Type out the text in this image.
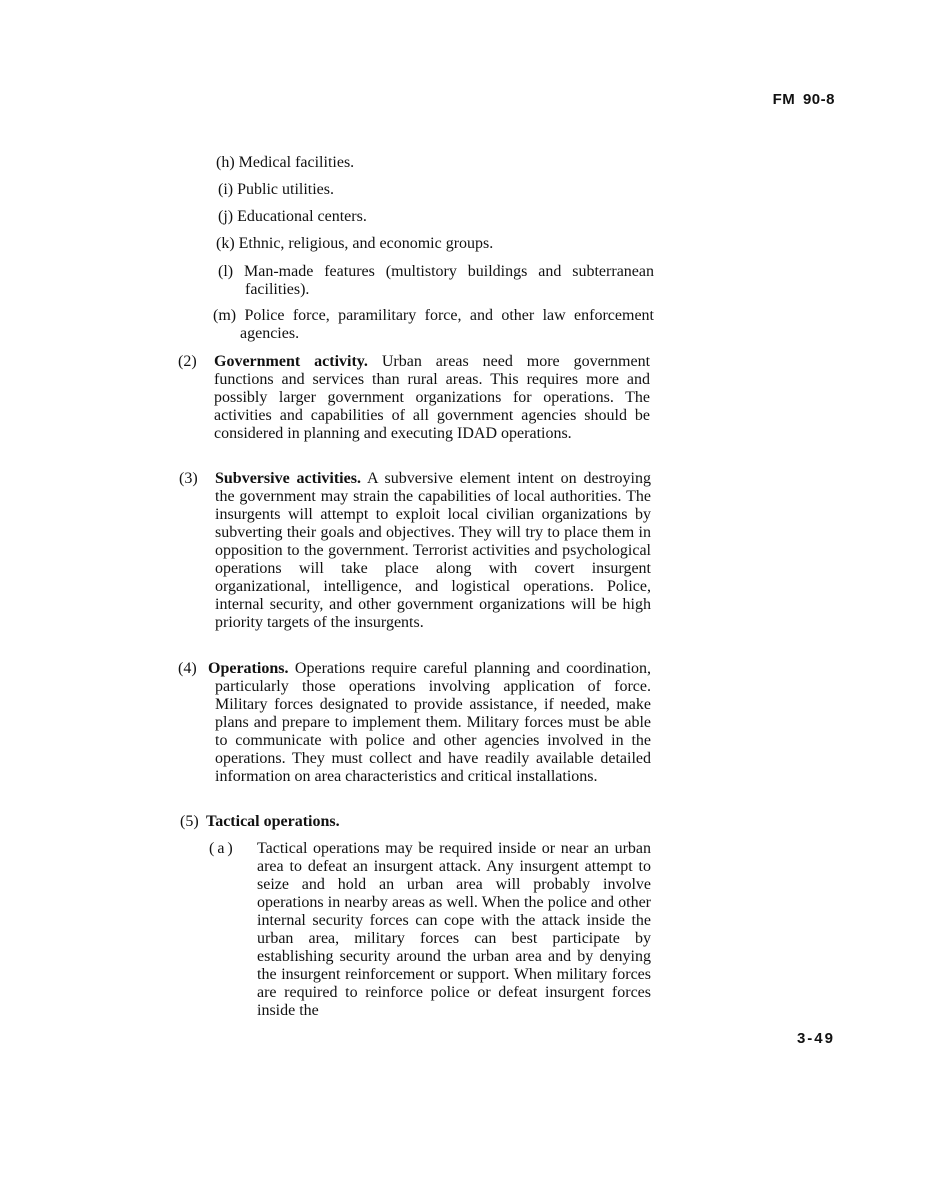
FM 90-8
(h) Medical facilities.
(i) Public utilities.
(j) Educational centers.
(k) Ethnic, religious, and economic groups.
(l) Man-made features (multistory buildings and subterranean facilities).
(m) Police force, paramilitary force, and other law enforcement agencies.
(2) Government activity. Urban areas need more government functions and services than rural areas. This requires more and possibly larger government organizations for operations. The activities and capabilities of all government agencies should be considered in planning and executing IDAD operations.
(3) Subversive activities. A subversive element intent on destroying the government may strain the capabilities of local authorities. The insurgents will attempt to exploit local civilian organizations by subverting their goals and objectives. They will try to place them in opposition to the government. Terrorist activities and psychological operations will take place along with covert insurgent organizational, intelligence, and logistical operations. Police, internal security, and other government organizations will be high priority targets of the insurgents.
(4) Operations. Operations require careful planning and coordination, particularly those operations involving application of force. Military forces designated to provide assistance, if needed, make plans and prepare to implement them. Military forces must be able to communicate with police and other agencies involved in the operations. They must collect and have readily available detailed information on area characteristics and critical installations.
(5) Tactical operations.
(a) Tactical operations may be required inside or near an urban area to defeat an insurgent attack. Any insurgent attempt to seize and hold an urban area will probably involve operations in nearby areas as well. When the police and other internal security forces can cope with the attack inside the urban area, military forces can best participate by establishing security around the urban area and by denying the insurgent reinforcement or support. When military forces are required to reinforce police or defeat insurgent forces inside the
3-49
